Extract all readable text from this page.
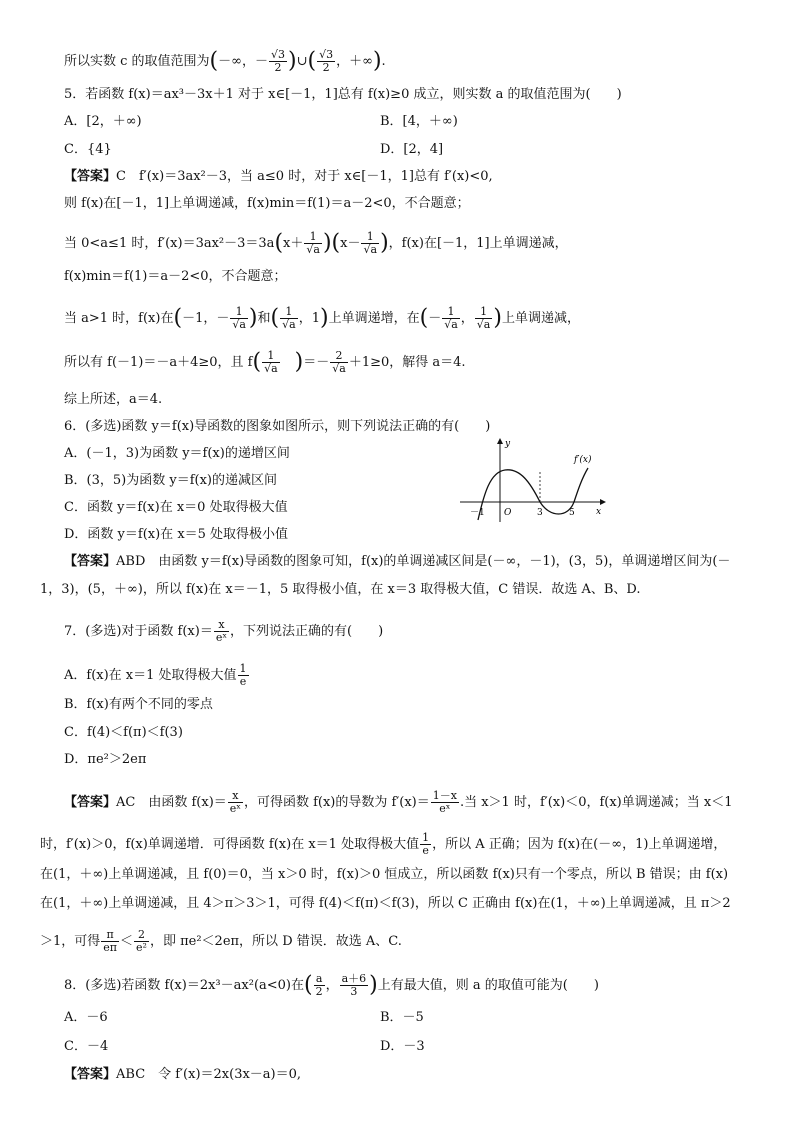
所以实数 c 的取值范围为(－∞，－ $\frac{√3}{2}$ )∪( $\frac{√3}{2}$ ，＋∞).
5．若函数 f(x)＝ax³－3x＋1 对于 x∈[－1，1]总有 f(x)≥0 成立，则实数 a 的取值范围为(　　)
A．[2，＋∞)	B．[4，＋∞)
C．{4}	D．[2，4]
【答案】C　f′(x)＝3ax²－3，当 a≤0 时，对于 x∈[－1，1]总有 f′(x)<0,
则 f(x)在[－1，1]上单调递减，f(x)min＝f(1)＝a－2<0，不合题意；
当 0<a≤1 时，$f'(x)=3ax^2-3=3a(x+ \frac{1}{√a} )(x- \frac{1}{√a}$ )，f(x)在[－1，1]上单调递减，
f(x)min＝f(1)＝a－2<0，不合题意；
当 a>1 时，f(x)在(－1，－ $\frac{1}{√a}$ )和( $\frac{1}{√a}$ ，1)上单调递增，在(－ $\frac{1}{√a}$ ， $\frac{1}{√a}$ )上单调递减，
所以有 f(－1)＝－a＋4≥0，且 $f( \frac{1}{√a}$ )＝－ $\frac{2}{√a} +1\ge 0$，解得 a＝4.
综上所述，a＝4.
6．(多选)函数 y＝f(x)导函数的图象如图所示，则下列说法正确的有(　　)
A．(－1，3)为函数 y＝f(x)的递增区间
B．(3，5)为函数 y＝f(x)的递减区间
C．函数 y＝f(x)在 x＝0 处取得极大值
D．函数 y＝f(x)在 x＝5 处取得极小值
y
x
f′(x)
－1 O	3	5
【答案】ABD　由函数 y＝f(x)导函数的图象可知，f(x)的单调递减区间是(－∞，－1)，(3，5)，单调递增区间为(－
1，3)，(5，＋∞)，所以 f(x)在 x＝－1，5 取得极小值，在 x＝3 取得极大值，C 错误．故选 A、B、D.
7．(多选)对于函数 $f(x)= \frac{x}{\text{eˣ}}$ ，下列说法正确的有(　　)
A．f(x)在 x＝1 处取得极大值 $\frac{1}{e}$
B．f(x)有两个不同的零点
C．f(4)＜f(π)＜f(3)
D．πe²＞2eπ
【答案】AC　由函数 $f(x)= \frac{x}{\text{eˣ}}$ ，可得函数 f(x)的导数为 $f'(x)= \frac{1-x}{\text{eˣ}}$ .当 x＞1 时，f′(x)＜0，f(x)单调递减；当 x＜1
时，f′(x)＞0，f(x)单调递增．可得函数 f(x)在 x＝1 处取得极大值 $\frac{1}{e}$ ，所以 A 正确；因为 f(x)在(－∞，1)上单调递增，
在(1，＋∞)上单调递减，且 f(0)＝0，当 x＞0 时，f(x)＞0 恒成立，所以函数 f(x)只有一个零点，所以 B 错误；由 f(x)
在(1，＋∞)上单调递减，且 4＞π＞3＞1，可得 f(4)＜f(π)＜f(3)，所以 C 正确由 f(x)在(1，＋∞)上单调递减，且 π＞2
＞1，可得 $\frac{\pi}{e\pi} < \frac{2}{\text{e²}}$ ，即 πe²＜2eπ，所以 D 错误．故选 A、C.
8．(多选)若函数 f(x)＝2x³－ax²(a<0)在( $\frac{a}{2}$ ， $\frac{a+6}{3}$ )上有最大值，则 a 的取值可能为(　　)
A．－6	B．－5
C．－4	D．－3
【答案】ABC　令 f′(x)＝2x(3x－a)＝0,
